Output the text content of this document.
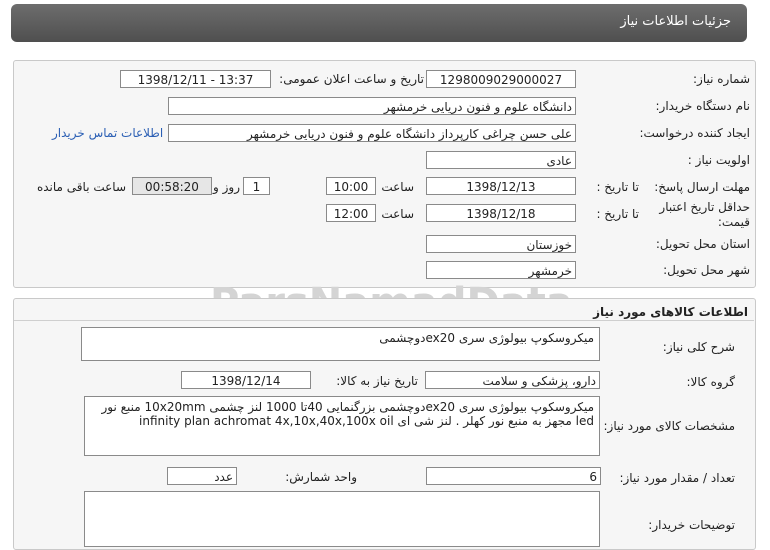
جزئیات اطلاعات نیاز
شماره نیاز:
1298009029000027
تاریخ و ساعت اعلان عمومی:
1398/12/11 - 13:37
نام دستگاه خریدار:
دانشگاه علوم و فنون دریایی خرمشهر
ایجاد کننده درخواست:
علی حسن چراغی کارپرداز دانشگاه علوم و فنون دریایی خرمشهر
اطلاعات تماس خریدار
اولویت نیاز :
عادی
مهلت ارسال پاسخ:
تا تاریخ :
1398/12/13
ساعت
10:00
1
روز و
00:58:20
ساعت باقی مانده
حداقل تاریخ اعتبار قیمت:
تا تاریخ :
1398/12/18
ساعت
12:00
استان محل تحویل:
خوزستان
شهر محل تحویل:
خرمشهر
اطلاعات کالاهای مورد نیاز
شرح کلی نیاز:
میکروسکوپ بیولوژی سری ex20دوچشمی
گروه کالا:
دارو، پزشکی و سلامت
تاریخ نیاز به کالا:
1398/12/14
مشخصات کالای مورد نیاز:
میکروسکوپ بیولوژی سری ex20دوچشمی بزرگنمایی 40تا 1000 لنز چشمی 10x20mm منبع نور led مجهز به منبع نور کهلر . لنز شی ای infinity plan achromat 4x,10x,40x,100x oil
تعداد / مقدار مورد نیاز:
6
واحد شمارش:
عدد
توضیحات خریدار:
